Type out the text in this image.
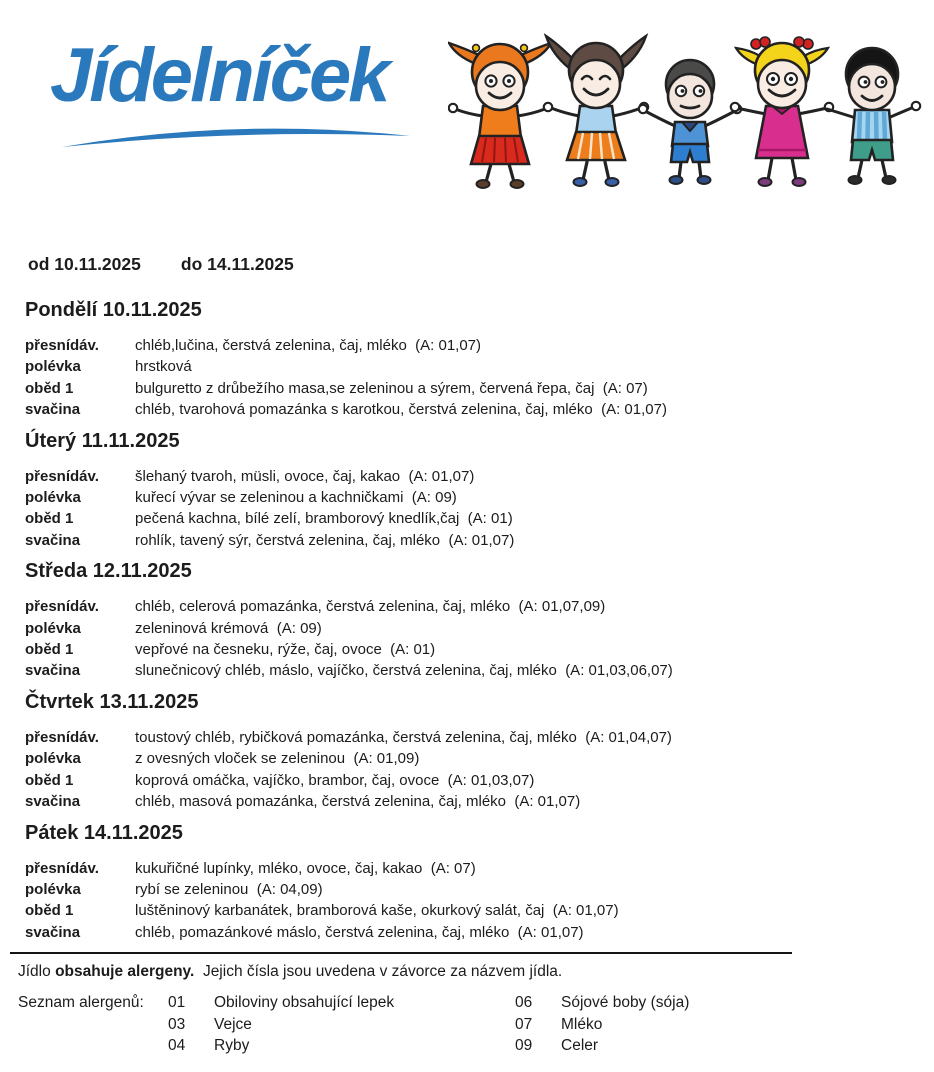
Jídelníček
od 10.11.2025 do 14.11.2025
Pondělí 10.11.2025
přesnídáv.	chléb,lučina, čerstvá zelenina, čaj, mléko  (A: 01,07)
polévka	hrstková
oběd 1	bulguretto z drůbežího masa,se zeleninou a sýrem, červená řepa, čaj  (A: 07)
svačina	chléb, tvarohová pomazánka s karotkou, čerstvá zelenina, čaj, mléko  (A: 01,07)
Úterý 11.11.2025
přesnídáv.	šlehaný tvaroh, müsli, ovoce, čaj, kakao  (A: 01,07)
polévka	kuřecí vývar se zeleninou a kachničkami  (A: 09)
oběd 1	pečená kachna, bílé zelí, bramborový knedlík,čaj  (A: 01)
svačina	rohlík, tavený sýr, čerstvá zelenina, čaj, mléko  (A: 01,07)
Středa 12.11.2025
přesnídáv.	chléb, celerová pomazánka, čerstvá zelenina, čaj, mléko  (A: 01,07,09)
polévka	zeleninová krémová  (A: 09)
oběd 1	vepřové na česneku, rýže, čaj, ovoce  (A: 01)
svačina	slunečnicový chléb, máslo, vajíčko, čerstvá zelenina, čaj, mléko  (A: 01,03,06,07)
Čtvrtek 13.11.2025
přesnídáv.	toustový chléb, rybičková pomazánka, čerstvá zelenina, čaj, mléko  (A: 01,04,07)
polévka	z ovesných vloček se zeleninou  (A: 01,09)
oběd 1	koprová omáčka, vajíčko, brambor, čaj, ovoce  (A: 01,03,07)
svačina	chléb, masová pomazánka, čerstvá zelenina, čaj, mléko  (A: 01,07)
Pátek 14.11.2025
přesnídáv.	kukuřičné lupínky, mléko, ovoce, čaj, kakao  (A: 07)
polévka	rybí se zeleninou  (A: 04,09)
oběd 1	luštěninový karbanátek, bramborová kaše, okurkový salát, čaj  (A: 01,07)
svačina	chléb, pomazánkové máslo, čerstvá zelenina, čaj, mléko  (A: 01,07)
Jídlo obsahuje alergeny.  Jejich čísla jsou uvedena v závorce za názvem jídla.
Seznam alergenů:	01	Obiloviny obsahující lepek
03	Vejce
04	Ryby
06	Sójové boby (sója)
07	Mléko
09	Celer
